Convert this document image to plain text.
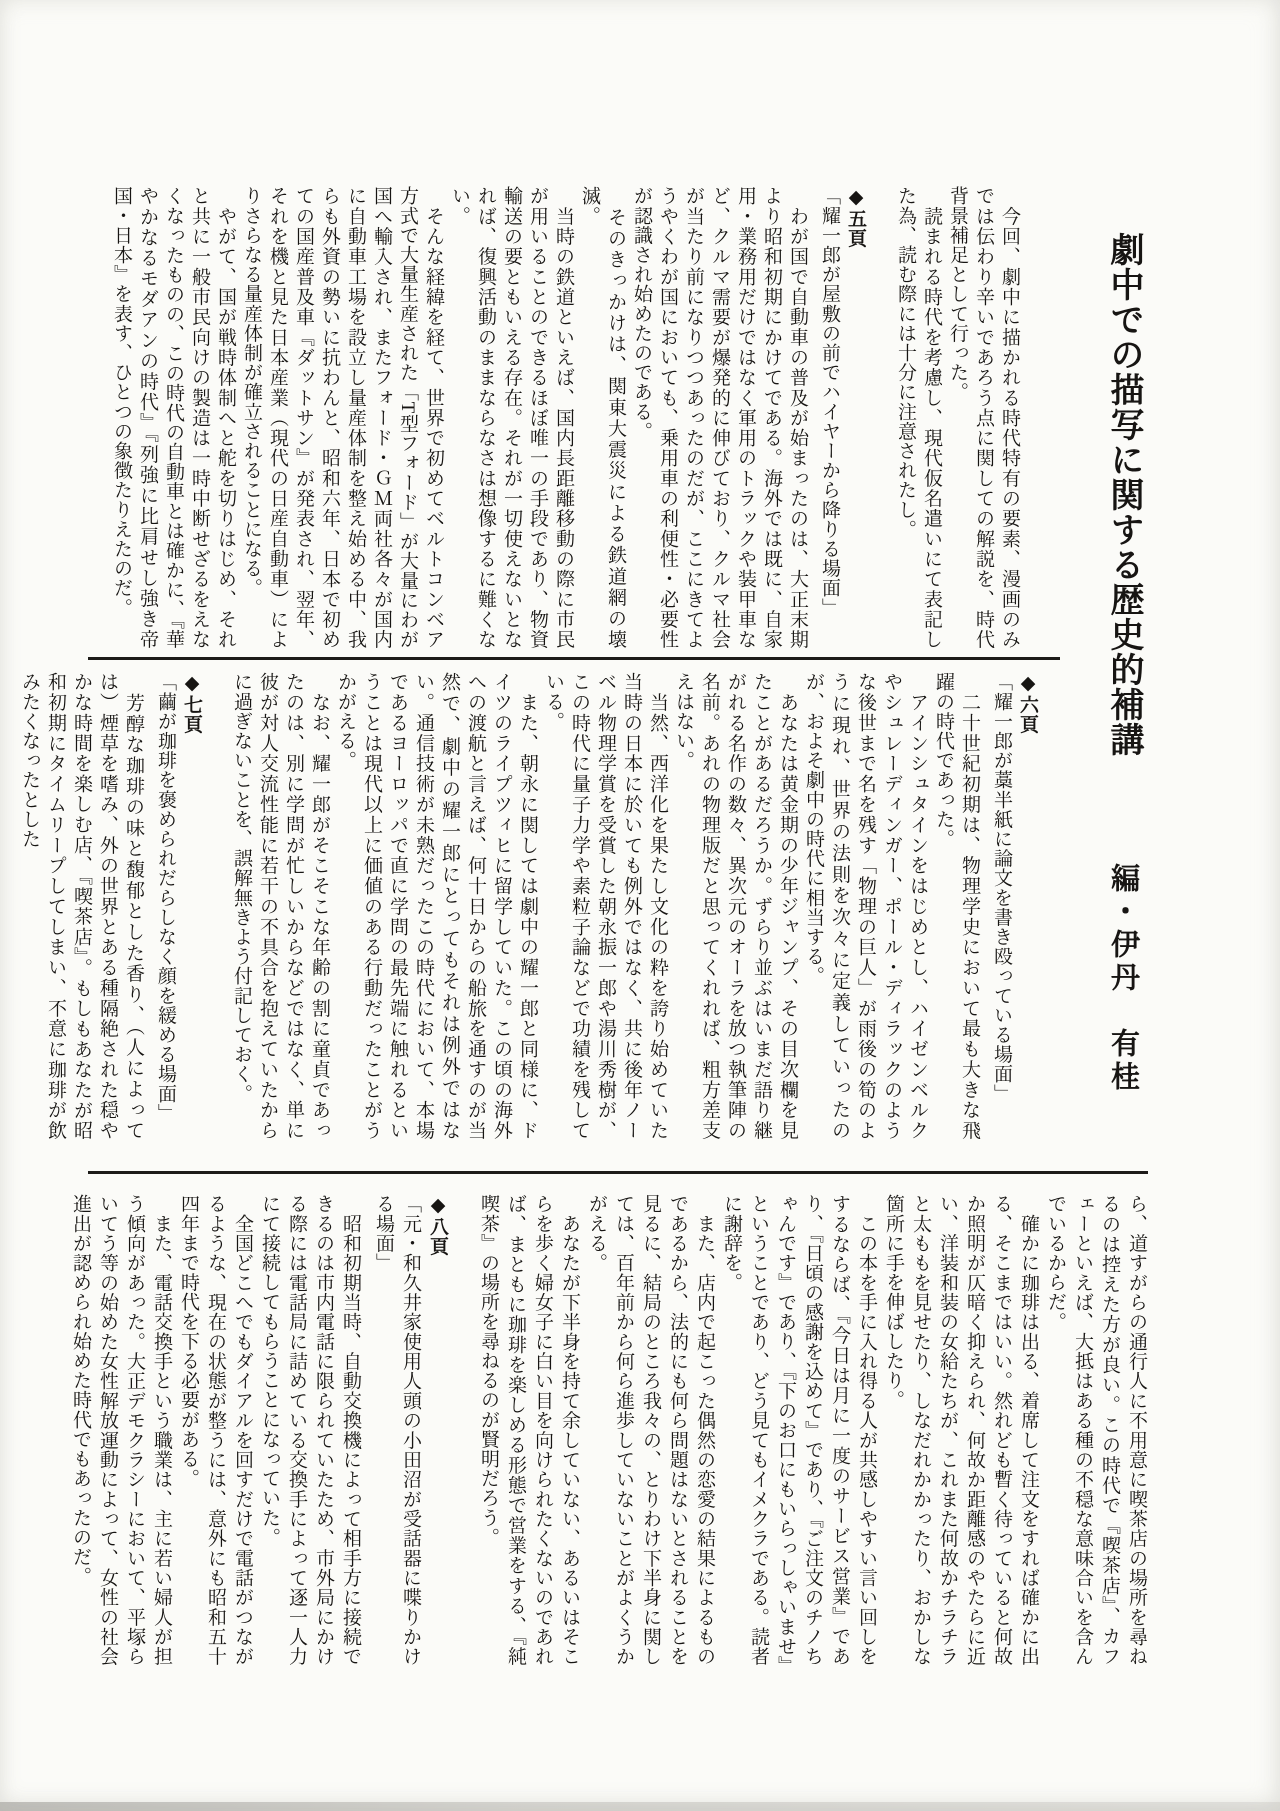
劇中での描写に関する歴史的補講 編・伊丹　有桂

　今回、劇中に描かれる時代特有の要素、漫画のみでは伝わり辛いであろう点に関しての解説を、時代背景補足として行った。

　読まれる時代を考慮し、現代仮名遣いにて表記した為、読む際には十分に注意されたし。

◆五頁

「耀一郎が屋敷の前でハイヤーから降りる場面」

　わが国で自動車の普及が始まったのは、大正末期より昭和初期にかけてである。海外では既に、自家用・業務用だけではなく軍用のトラックや装甲車など、クルマ需要が爆発的に伸びており、クルマ社会が当たり前になりつつあったのだが、ここにきてようやくわが国においても、乗用車の利便性・必要性が認識され始めたのである。

　そのきっかけは、関東大震災による鉄道網の壊滅。

　当時の鉄道といえば、国内長距離移動の際に市民が用いることのできるほぼ唯一の手段であり、物資輸送の要ともいえる存在。それが一切使えないとなれば、復興活動のままならなさは想像するに難くない。

　そんな経緯を経て、世界で初めてベルトコンベア方式で大量生産された「T型フォード」が大量にわが国へ輸入され、またフォード・ＧＭ両社各々が国内に自動車工場を設立し量産体制を整え始める中、我らも外資の勢いに抗わんと、昭和六年、日本で初めての国産普及車『ダットサン』が発表され、翌年、それを機と見た日本産業（現代の日産自動車）によりさらなる量産体制が確立されることになる。

　やがて、国が戦時体制へと舵を切りはじめ、それと共に一般市民向けの製造は一時中断せざるをえなくなったものの、この時代の自動車とは確かに、『華やかなるモダアンの時代』『列強に比肩せし強き帝国・日本』を表す、ひとつの象徴たりえたのだ。

◆六頁

「耀一郎が藁半紙に論文を書き殴っている場面」

　二十世紀初期は、物理学史において最も大きな飛躍の時代であった。

　アインシュタインをはじめとし、ハイゼンベルクやシュレーディンガー、ポール・ディラックのような後世まで名を残す「物理の巨人」が雨後の筍のように現れ、世界の法則を次々に定義していったのが、およそ劇中の時代に相当する。

　あなたは黄金期の少年ジャンプ、その目次欄を見たことがあるだろうか。ずらり並ぶはいまだ語り継がれる名作の数々、異次元のオーラを放つ執筆陣の名前。あれの物理版だと思ってくれれば、粗方差支えはない。

　当然、西洋化を果たし文化の粋を誇り始めていた当時の日本に於いても例外ではなく、共に後年ノーベル物理学賞を受賞した朝永振一郎や湯川秀樹が、この時代に量子力学や素粒子論などで功績を残している。

　また、朝永に関しては劇中の耀一郎と同様に、ドイツのライプツィヒに留学していた。この頃の海外への渡航と言えば、何十日からの船旅を通すのが当然で、劇中の耀一郎にとってもそれは例外ではない。通信技術が未熟だったこの時代において、本場であるヨーロッパで直に学問の最先端に触れるということは現代以上に価値のある行動だったことがうかがえる。

　なお、耀一郎がそこそこな年齢の割に童貞であったのは、別に学問が忙しいからなどではなく、単に彼が対人交流性能に若干の不具合を抱えていたからに過ぎないことを、誤解無きよう付記しておく。

◆七頁

「繭が珈琲を褒められだらしなく顔を緩める場面」

　芳醇な珈琲の味と馥郁とした香り、（人によっては）煙草を嗜み、外の世界とある種隔絶された穏やかな時間を楽しむ店、『喫茶店』。もしもあなたが昭和初期にタイムリープしてしまい、不意に珈琲が飲みたくなったとした

ら、道すがらの通行人に不用意に喫茶店の場所を尋ねるのは控えた方が良い。この時代で『喫茶店』、カフェーといえば、大抵はある種の不穏な意味合いを含んでいるからだ。

　確かに珈琲は出る、着席して注文をすれば確かに出る、そこまではいい。然れども暫く待っていると何故か照明が仄暗く抑えられ、何故か距離感のやたらに近い、洋装和装の女給たちが、これまた何故かチラチラと太ももを見せたり、しなだれかかったり、おかしな箇所に手を伸ばしたり。

　この本を手に入れ得る人が共感しやすい言い回しをするならば、『今日は月に一度のサービス営業』であり、『日頃の感謝を込めて』であり、『ご注文のチノちゃんです』であり、『下のお口にもいらっしゃいませ』ということであり、どう見てもイメクラである。読者に謝辞を。

　また、店内で起こった偶然の恋愛の結果によるものであるから、法的にも何ら問題はないとされることを見るに、結局のところ我々の、とりわけ下半身に関しては、百年前から何ら進歩していないことがよくうかがえる。

　あなたが下半身を持て余していない、あるいはそこらを歩く婦女子に白い目を向けられたくないのであれば、まともに珈琲を楽しめる形態で営業をする、『純喫茶』の場所を尋ねるのが賢明だろう。

◆八頁

「元・和久井家使用人頭の小田沼が受話器に喋りかける場面」

　昭和初期当時、自動交換機によって相手方に接続できるのは市内電話に限られていたため、市外局にかける際には電話局に詰めている交換手によって逐一人力にて接続してもらうことになっていた。

　全国どこへでもダイアルを回すだけで電話がつながるような、現在の状態が整うには、意外にも昭和五十四年まで時代を下る必要がある。

　また、電話交換手という職業は、主に若い婦人が担う傾向があった。大正デモクラシーにおいて、平塚らいてう等の始めた女性解放運動によって、女性の社会進出が認められ始めた時代でもあったのだ。
